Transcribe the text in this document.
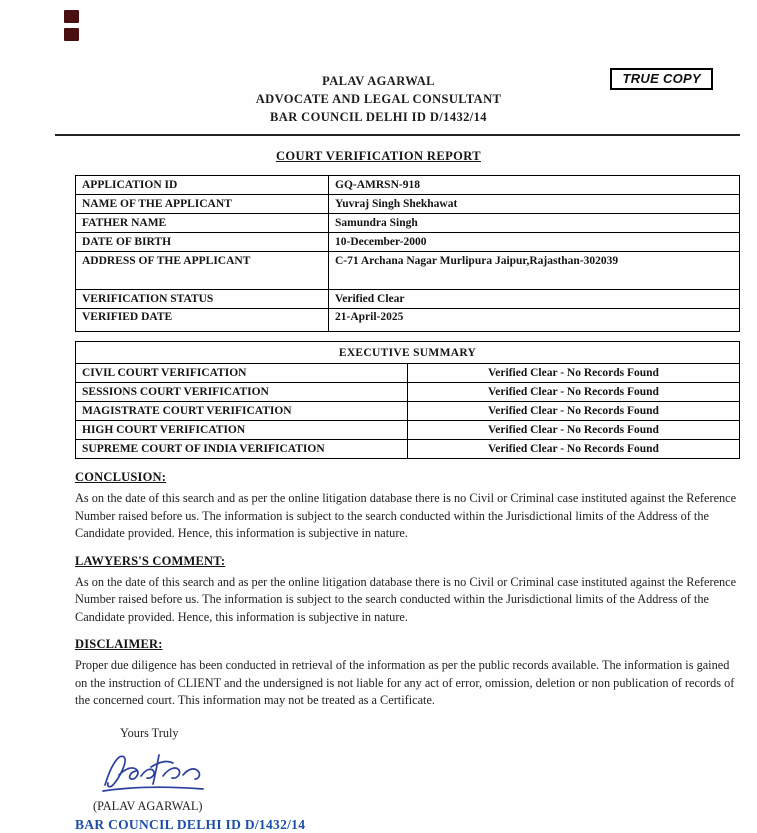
TRUE COPY
PALAV AGARWAL
ADVOCATE AND LEGAL CONSULTANT
BAR COUNCIL DELHI ID D/1432/14
COURT VERIFICATION REPORT
APPLICATION ID	GQ-AMRSN-918
NAME OF THE APPLICANT	Yuvraj Singh Shekhawat
FATHER NAME	Samundra Singh
DATE OF BIRTH	10-December-2000
ADDRESS OF THE APPLICANT	C-71 Archana Nagar Murlipura Jaipur,Rajasthan-302039
VERIFICATION STATUS	Verified Clear
VERIFIED DATE	21-April-2025
EXECUTIVE SUMMARY	
CIVIL COURT VERIFICATION	Verified Clear - No Records Found
SESSIONS COURT VERIFICATION	Verified Clear - No Records Found
MAGISTRATE COURT VERIFICATION	Verified Clear - No Records Found
HIGH COURT VERIFICATION	Verified Clear - No Records Found
SUPREME COURT OF INDIA VERIFICATION	Verified Clear - No Records Found
CONCLUSION:

As on the date of this search and as per the online litigation database there is no Civil or Criminal case instituted against the Reference Number raised before us. The information is subject to the search conducted within the Jurisdictional limits of the Address of the Candidate provided. Hence, this information is subjective in nature.

LAWYERS'S COMMENT:

As on the date of this search and as per the online litigation database there is no Civil or Criminal case instituted against the Reference Number raised before us. The information is subject to the search conducted within the Jurisdictional limits of the Address of the Candidate provided. Hence, this information is subjective in nature.

DISCLAIMER:

Proper due diligence has been conducted in retrieval of the information as per the public records available. The information is gained on the instruction of CLIENT and the undersigned is not liable for any act of error, omission, deletion or non publication of records of the concerned court. This information may not be treated as a Certificate.

Yours Truly
(PALAV AGARWAL)
BAR COUNCIL DELHI ID D/1432/14
